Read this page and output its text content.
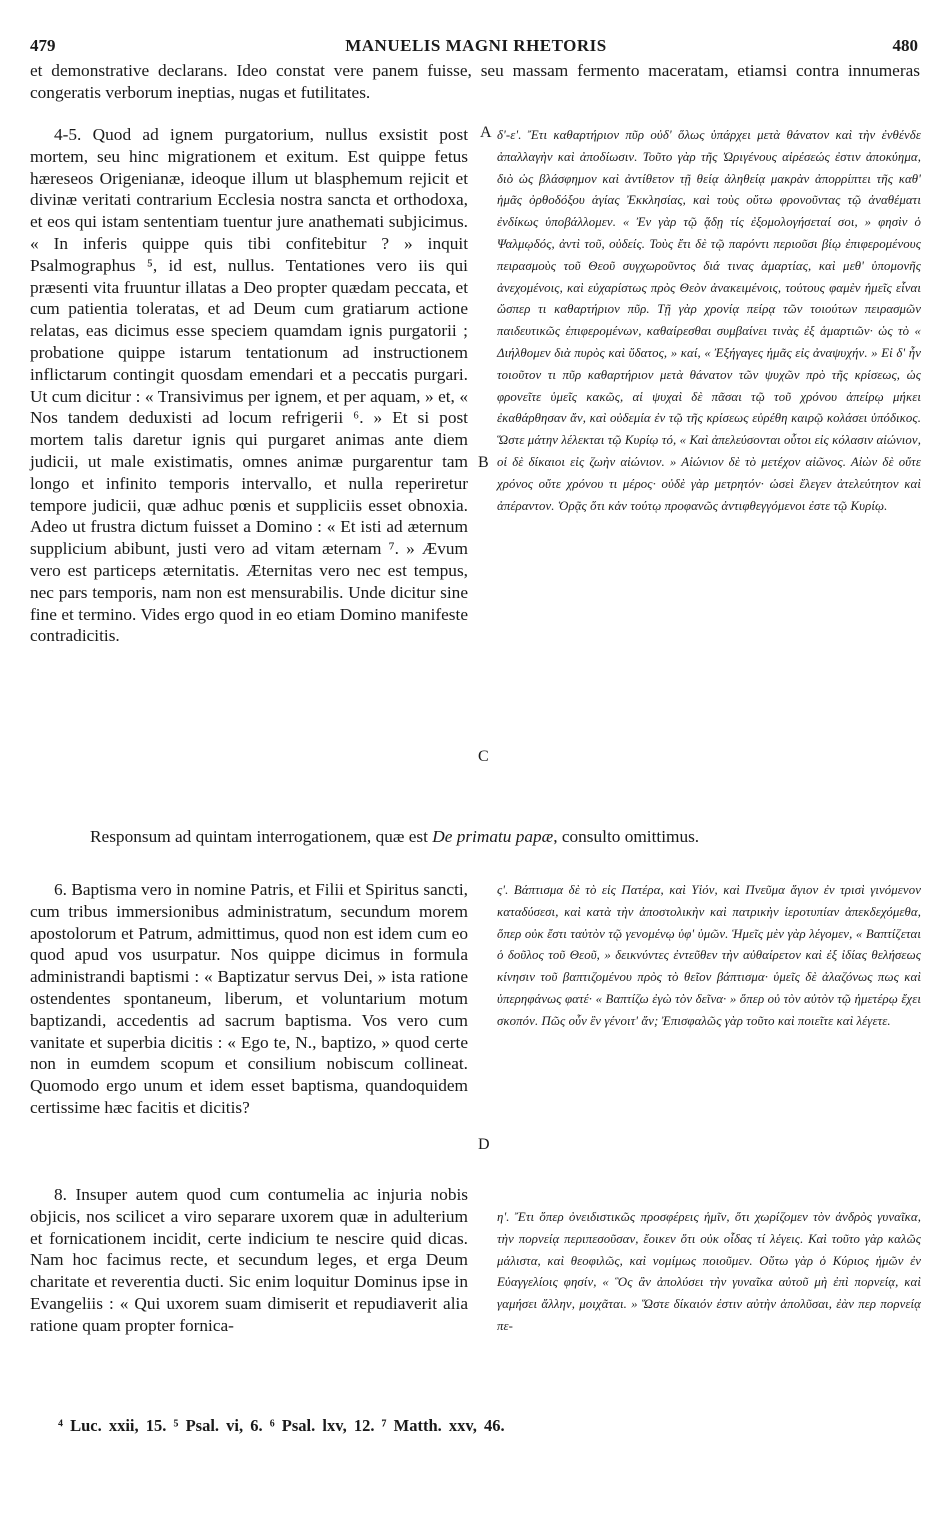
479	MANUELIS MAGNI RHETORIS	480
et demonstrative declarans. Ideo constat vere panem fuisse, seu massam fermento maceratam, etiamsi contra innumeras congeratis verborum ineptias, nugas et futilitates.
4-5. Quod ad ignem purgatorium, nullus exsistit post mortem, seu hinc migrationem et exitum. Est quippe fetus hæreseos Origenianæ, ideoque illum ut blasphemum rejicit et divinæ veritati contrarium Ecclesia nostra sancta et orthodoxa, et eos qui istam sententiam tuentur jure anathemati subjicimus. « In inferis quippe quis tibi confitebitur ? » inquit Psalmographus ⁵, id est, nullus. Tentationes vero iis qui præsenti vita fruuntur illatas a Deo propter quædam peccata, et cum patientia toleratas, et ad Deum cum gratiarum actione relatas, eas dicimus esse speciem quamdam ignis purgatorii ; probatione quippe istarum tentationum ad instructionem inflictarum contingit quosdam emendari et a peccatis purgari. Ut cum dicitur : « Transivimus per ignem, et per aquam, » et, « Nos tandem deduxisti ad locum refrigerii ⁶. » Et si post mortem talis daretur ignis qui purgaret animas ante diem judicii, ut male existimatis, omnes animæ purgarentur tam longo et infinito temporis intervallo, et nulla reperiretur tempore judicii, quæ adhuc pœnis et suppliciis esset obnoxia. Adeo ut frustra dictum fuisset a Domino : « Et isti ad æternum supplicium abibunt, justi vero ad vitam æternam ⁷. » Ævum vero est particeps æternitatis. Æternitas vero nec est tempus, nec pars temporis, nam non est mensurabilis. Unde dicitur sine fine et termino. Vides ergo quod in eo etiam Domino manifeste contradicitis.
δ'-ε'. Ἔτι καθαρτήριον πῦρ οὐδ' ὅλως ὑπάρχει μετὰ θάνατον καὶ τὴν ἐνθένδε ἀπαλλαγὴν καὶ ἀποδίωσιν. Τοῦτο γὰρ τῆς Ὠριγένους αἱρέσεώς ἐστιν ἀποκύημα, διὸ ὡς βλάσφημον καὶ ἀντίθετον τῇ θείᾳ ἀληθείᾳ μακρὰν ἀπορρίπτει τῆς καθ' ἡμᾶς ὀρθοδόξου ἁγίας Ἐκκλησίας, καὶ τοὺς οὕτω φρονοῦντας τῷ ἀναθέματι ἐνδίκως ὑποβάλλομεν. « Ἐν γὰρ τῷ ᾅδῃ τίς ἐξομολογήσεταί σοι, » φησὶν ὁ Ψαλμῳδός, ἀντὶ τοῦ, οὐδείς. Τοὺς ἔτι δὲ τῷ παρόντι περιοῦσι βίῳ ἐπιφερομένους πειρασμοὺς τοῦ Θεοῦ συγχωροῦντος διά τινας ἁμαρτίας, καὶ μεθ' ὑπομονῆς ἀνεχομένοις, καὶ εὐχαρίστως πρὸς Θεὸν ἀνακειμένοις, τούτους φαμὲν ἡμεῖς εἶναι ὥσπερ τι καθαρτήριον πῦρ. Τῇ γὰρ χρονίᾳ πείρᾳ τῶν τοιούτων πειρασμῶν παιδευτικῶς ἐπιφερομένων, καθαίρεσθαι συμβαίνει τινὰς ἐξ ἁμαρτιῶν· ὡς τὸ « Διήλθομεν διὰ πυρὸς καὶ ὕδατος, » καί, « Ἐξήγαγες ἡμᾶς εἰς ἀναψυχήν. » Εἰ δ' ἦν τοιοῦτον τι πῦρ καθαρτήριον μετὰ θάνατον τῶν ψυχῶν πρὸ τῆς κρίσεως, ὡς φρονεῖτε ὑμεῖς κακῶς, αἱ ψυχαὶ δὲ πᾶσαι τῷ τοῦ χρόνου ἀπείρῳ μήκει ἐκαθάρθησαν ἄν, καὶ οὐδεμία ἐν τῷ τῆς κρίσεως εὑρέθη καιρῷ κολάσει ὑπόδικος. Ὥστε μάτην λέλεκται τῷ Κυρίῳ τό, « Καὶ ἀπελεύσονται οὗτοι εἰς κόλασιν αἰώνιον, οἱ δὲ δίκαιοι εἰς ζωὴν αἰώνιον. » Αἰώνιον δὲ τὸ μετέχον αἰῶνος. Αἰὼν δὲ οὔτε χρόνος οὔτε χρόνου τι μέρος· οὐδὲ γὰρ μετρητόν· ὡσεὶ ἔλεγεν ἀτελεύτητον καὶ ἀπέραντον. Ὁρᾷς ὅτι κἀν τούτῳ προφανῶς ἀντιφθεγγόμενοι ἐστε τῷ Κυρίῳ.
A
B
C
D
Responsum ad quintam interrogationem, quæ est De primatu papæ, consulto omittimus.
6. Baptisma vero in nomine Patris, et Filii et Spiritus sancti, cum tribus immersionibus administratum, secundum morem apostolorum et Patrum, admittimus, quod non est idem cum eo quod apud vos usurpatur. Nos quippe dicimus in formula administrandi baptismi : « Baptizatur servus Dei, » ista ratione ostendentes spontaneum, liberum, et voluntarium motum baptizandi, accedentis ad sacrum baptisma. Vos vero cum vanitate et superbia dicitis : « Ego te, N., baptizo, » quod certe non in eumdem scopum et consilium nobiscum collineat. Quomodo ergo unum et idem esset baptisma, quandoquidem certissime hæc facitis et dicitis?
ς'. Βάπτισμα δὲ τὸ εἰς Πατέρα, καὶ Υἱόν, καὶ Πνεῦμα ἅγιον ἐν τρισὶ γινόμενον καταδύσεσι, καὶ κατὰ τὴν ἀποστολικὴν καὶ πατρικὴν ἱεροτυπίαν ἀπεκδεχόμεθα, ὅπερ οὐκ ἔστι ταὐτὸν τῷ γενομένῳ ὑφ' ὑμῶν. Ἡμεῖς μὲν γὰρ λέγομεν, « Βαπτίζεται ὁ δοῦλος τοῦ Θεοῦ, » δεικνύντες ἐντεῦθεν τὴν αὐθαίρετον καὶ ἐξ ἰδίας θελήσεως κίνησιν τοῦ βαπτιζομένου πρὸς τὸ θεῖον βάπτισμα· ὑμεῖς δὲ ἀλαζόνως πως καὶ ὑπερηφάνως φατέ· « Βαπτίζω ἐγὼ τὸν δεῖνα· » ὅπερ οὐ τὸν αὐτὸν τῷ ἡμετέρῳ ἔχει σκοπόν. Πῶς οὖν ἓν γένοιτ' ἄν; Ἐπισφαλῶς γὰρ τοῦτο καὶ ποιεῖτε καὶ λέγετε.
8. Insuper autem quod cum contumelia ac injuria nobis objicis, nos scilicet a viro separare uxorem quæ in adulterium et fornicationem incidit, certe indicium te nescire quid dicas. Nam hoc facimus recte, et secundum leges, et erga Deum charitate et reverentia ducti. Sic enim loquitur Dominus ipse in Evangeliis : « Qui uxorem suam dimiserit et repudiaverit alia ratione quam propter fornica-
η'. Ἔτι ὅπερ ὀνειδιστικῶς προσφέρεις ἡμῖν, ὅτι χωρίζομεν τὸν ἀνδρὸς γυναῖκα, τὴν πορνείᾳ περιπεσοῦσαν, ἔοικεν ὅτι οὐκ οἶδας τί λέγεις. Καὶ τοῦτο γὰρ καλῶς μάλιστα, καὶ θεοφιλῶς, καὶ νομίμως ποιοῦμεν. Οὕτω γὰρ ὁ Κύριος ἡμῶν ἐν Εὐαγγελίοις φησίν, « Ὃς ἂν ἀπολύσει τὴν γυναῖκα αὐτοῦ μὴ ἐπὶ πορνείᾳ, καὶ γαμήσει ἄλλην, μοιχᾶται. » Ὥστε δίκαιόν ἐστιν αὐτὴν ἀπολῦσαι, ἐὰν περ πορνείᾳ πε-
⁴ Luc. xxii, 15. ⁵ Psal. vi, 6. ⁶ Psal. lxv, 12. ⁷ Matth. xxv, 46.
